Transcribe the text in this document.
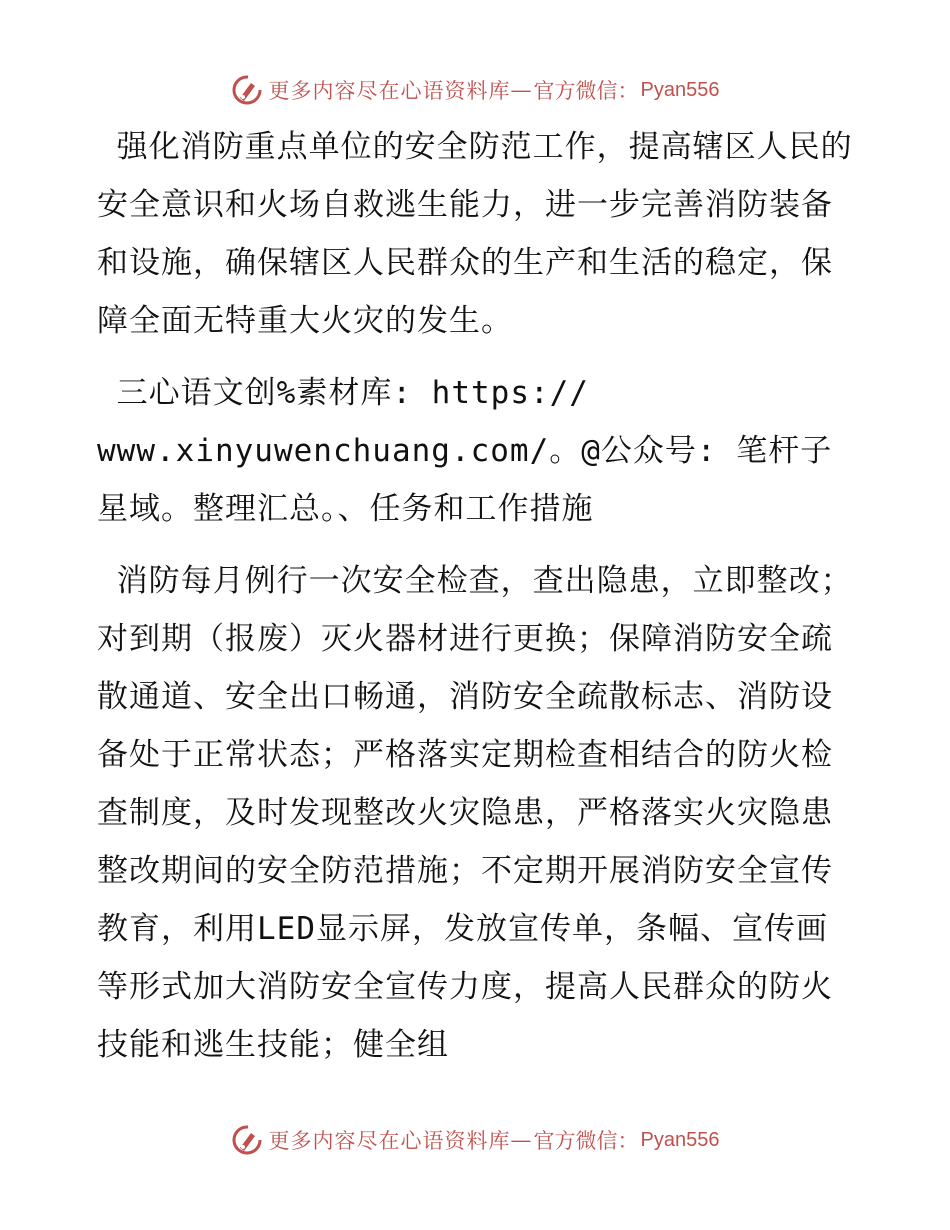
更多内容尽在心语资料库 — 官方微信： Pyan556

强化消防重点单位的安全防范工作，提高辖区人民的安全意识和火场自救逃生能力，进一步完善消防装备和设施，确保辖区人民群众的生产和生活的稳定，保障全面无特重大火灾的发生。

三心语文创%素材库: https://
www.xinyuwenchuang.com/。@公众号: 笔杆子星域。整理汇总。、任务和工作措施

消防每月例行一次安全检查，查出隐患，立即整改；对到期（报废）灭火器材进行更换；保障消防安全疏散通道、安全出口畅通，消防安全疏散标志、消防设备处于正常状态；严格落实定期检查相结合的防火检查制度，及时发现整改火灾隐患，严格落实火灾隐患整改期间的安全防范措施；不定期开展消防安全宣传教育，利用LED显示屏，发放宣传单，条幅、宣传画等形式加大消防安全宣传力度，提高人民群众的防火技能和逃生技能；健全组

更多内容尽在心语资料库 — 官方微信： Pyan556
